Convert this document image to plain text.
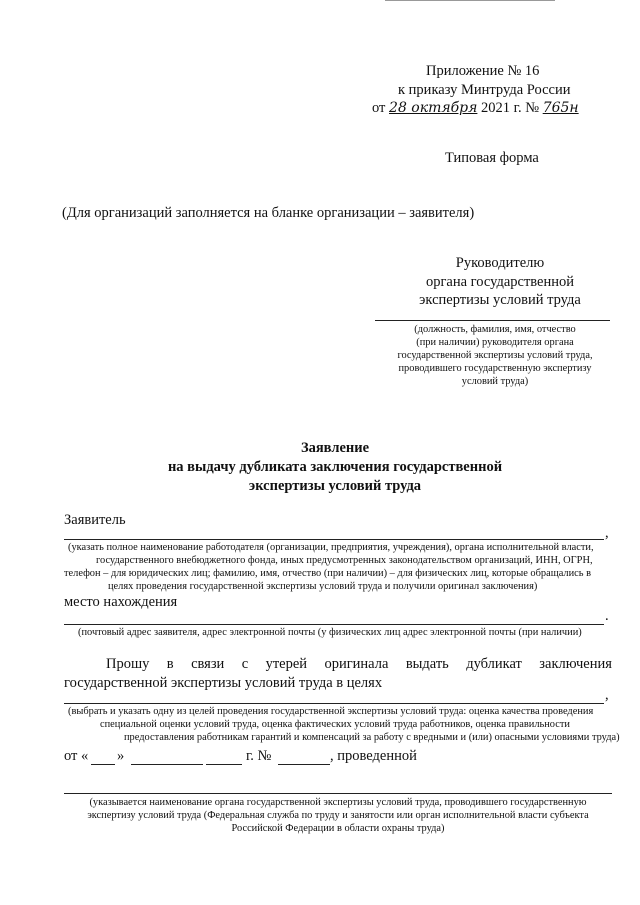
Приложение № 16
к приказу Минтруда России
от 28 октября 2021 г. № 765н
Типовая форма
(Для организаций заполняется на бланке организации – заявителя)
Руководителю
органа государственной
экспертизы условий труда
(должность, фамилия, имя, отчество
(при наличии) руководителя органа
государственной экспертизы условий труда,
проводившего государственную экспертизу
условий труда)
Заявление
на выдачу дубликата заключения государственной
экспертизы условий труда
Заявитель
,
(указать полное наименование работодателя (организации, предприятия, учреждения), органа исполнительной власти,
государственного внебюджетного фонда, иных предусмотренных законодательством организаций, ИНН, ОГРН,
телефон – для юридических лиц; фамилию, имя, отчество (при наличии) – для физических лиц, которые обращались в
целях проведения государственной экспертизы условий труда и получили оригинал заключения)
место нахождения
.
(почтовый адрес заявителя, адрес электронной почты (у физических лиц адрес электронной почты (при наличии)
Прошу в связи с утерей оригинала выдать дубликат заключения
государственной экспертизы условий труда в целях
,
(выбрать и указать одну из целей проведения государственной экспертизы условий труда: оценка качества проведения
специальной оценки условий труда, оценка фактических условий труда работников, оценка правильности
предоставления работникам гарантий и компенсаций за работу с вредными и (или) опасными условиями труда)
от « »	г. №	, проведенной
(указывается наименование органа государственной экспертизы условий труда, проводившего государственную
экспертизу условий труда (Федеральная служба по труду и занятости или орган исполнительной власти субъекта
Российской Федерации в области охраны труда)
